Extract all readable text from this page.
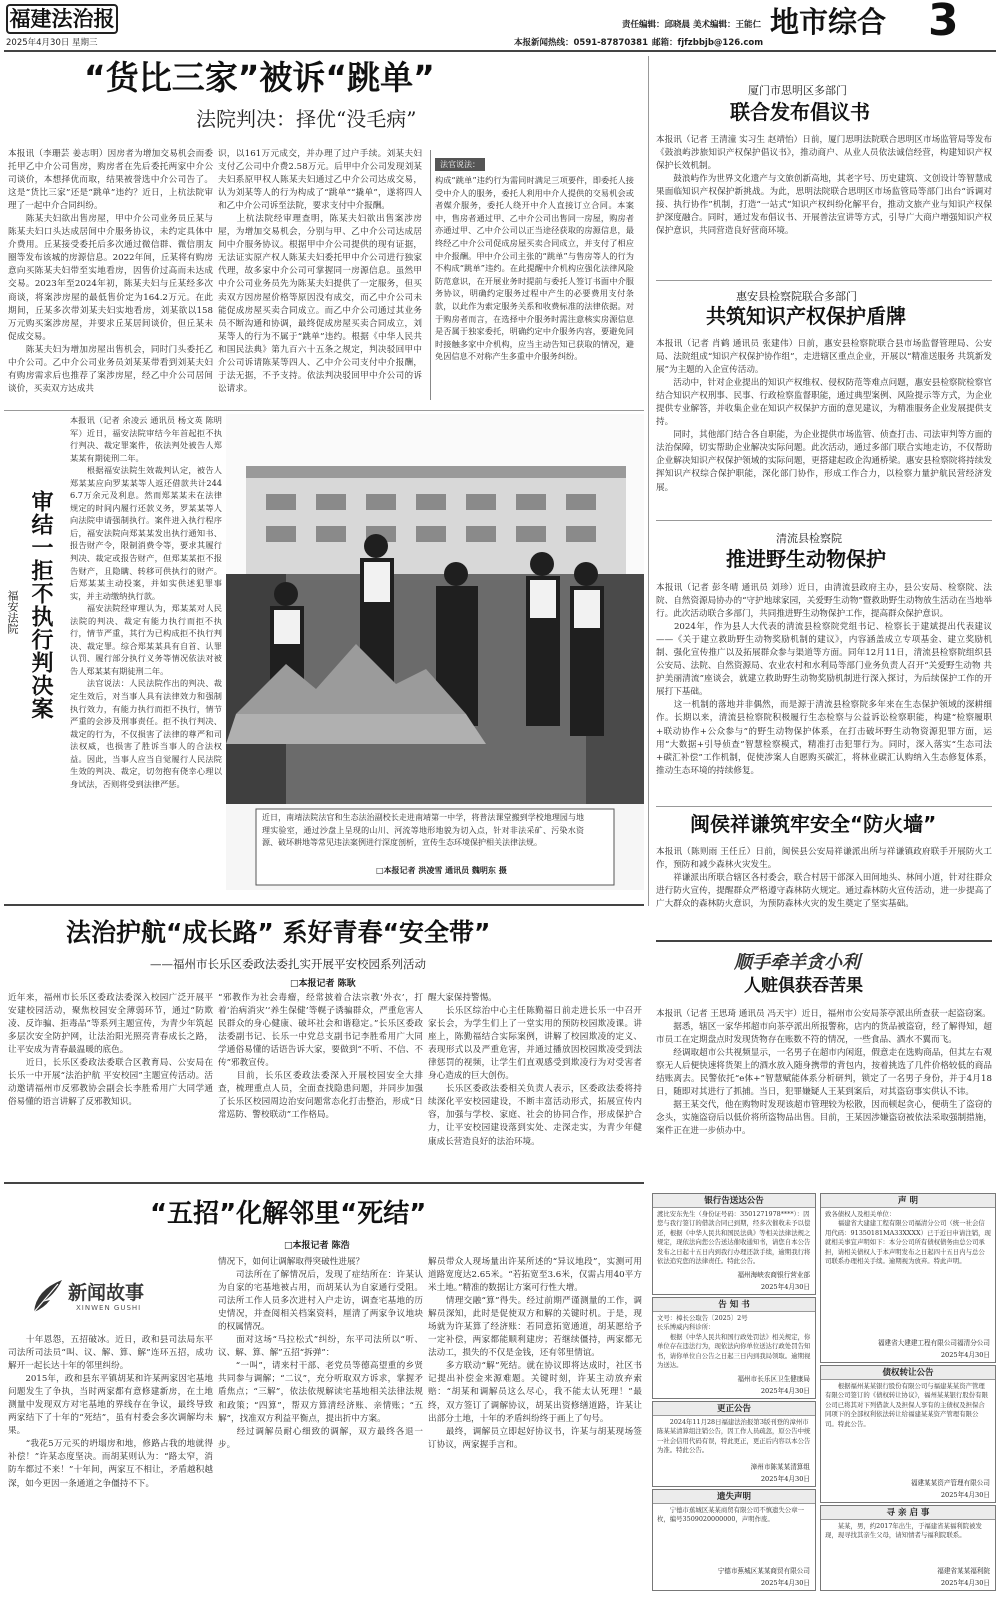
福建法治报
2025年4月30日 星期三
责任编辑：邱晓晨 美术编辑：王能仁
本报新闻热线：0591-87870381 邮箱：fjfzbbjb@126.com
地市综合 3
“货比三家”被诉“跳单”
法院判决：择优“没毛病”
本报讯（李珊芸 姜志明）因房者为增加交易机会而委托甲乙中介公司售房，购房者在先后委托两家中介公司谈价，本想择优而取，结果被誉选中介公司告了。这是“货比三家”还是“跳单”违约？近日，上杭法院审理了一起中介合同纠纷。
　　陈某夫妇欲出售房屋，甲中介公司业务员丘某与陈某夫妇口头达成居间中介服务协议，未约定具体中介费用。丘某接受委托后多次通过微信群、微信朋友圈等发布该城的房源信息。2022年间，丘某将有购房意向买陈某夫妇带至实地看房，因售价过高而未达成交易。2023年至2024年初，陈某夫妇与丘某经多次商谈，将案涉房屋的最低售价定为164.2万元。在此期间，丘某多次带刘某夫妇实地看房，刘某欲以158万元购买案涉房屋，并要求丘某居间谈价，但丘某未促成交易。
　　陈某夫妇为增加房屋出售机会，同时门头委托乙中介公司。乙中介公司业务员刘某某带看到刘某夫妇有购房需求后也推荐了案涉房屋，经乙中介公司居间谈价，买卖双方达成共
识，以161万元成交，并办理了过户手续。刘某夫妇支付乙公司中介费2.58万元。后甲中介公司发现刘某夫妇系原甲权人陈某夫妇通过乙中介公司达成交易，认为刘某等人的行为构成了“跳单”“撬单”，遂将四人和乙中介公司诉至法院，要求支付中介报酬。
　　上杭法院经审理查明，陈某夫妇欲出售案涉房屋，为增加交易机会，分别与甲、乙中介公司达成居间中介服务协议。根据甲中介公司提供的现有证据，无法证实原产权人陈某夫妇委托甲中介公司进行独家代理，故多家中介公司可掌握同一房源信息。虽然甲中介公司业务员先为陈某夫妇提供了一定服务，但买卖双方因房屋价格等原因没有成交，而乙中介公司未能促成房屋买卖合同成立。而乙中介公司通过其业务员不断沟通和协调，最终促成房屋买卖合同成立，刘某等人的行为不属于“跳单”违约。根据《中华人民共和国民法典》第九百六十五条之规定，判决驳回甲中介公司诉请陈某等四人、乙中介公司支付中介报酬，于法无据，不予支持。依法判决驳回甲中介公司的诉讼请求。
法官说法：
构成“跳单”违约行为需同时满足三项要件，即委托人接受中介人的服务，委托人利用中介人提供的交易机会或者媒介服务，委托人绕开中介人直接订立合同。本案中，售房者通过甲、乙中介公司出售同一房屋，购房者亦通过甲、乙中介公司以正当途径获取的房源信息，最终经乙中介公司促成房屋买卖合同成立，并支付了相应中介报酬。甲中介公司主张的“跳单”与售房等人的行为不构成“跳单”违约。在此提醒中介机构应强化法律风险防范意识，在开展业务时提前与委托人签订书面中介服务协议，明确约定服务过程中产生的必要费用支付条款，以此作为索定服务关系和收费标准的法律依据。对于购房者而言，在选择中介服务时需注意核实房源信息是否属于独家委托，明确约定中介服务内容，要避免同时接触多家中介机构，应当主动告知已获取的情况，避免因信息不对称产生多重中介服务纠纷。
审结一拒不执行判决案
福安法院
本报讯（记者 余凌云 通讯员 杨文英 陈明军）近日，福安法院审结今年首起拒不执行判决、裁定罪案件，依法判处被告人郑某某有期徒刑二年。
　　根据福安法院生效裁判认定，被告人郑某某应向罗某某等人返还借款共计2446.7万余元及利息。然而郑某某未在法律规定的时间内履行还款义务，罗某某等人向法院申请强制执行。案件进入执行程序后，福安法院向郑某某发出执行通知书、报告财产令，限制消费令等，要求其履行判决、裁定或报告财产，但郑某某拒不报告财产，且隐瞒、转移可供执行的财产。后郑某某主动投案，并如实供述犯罪事实，并主动缴纳执行款。
　　福安法院经审理认为，郑某某对人民法院的判决、裁定有能力执行而拒不执行，情节严重，其行为已构成拒不执行判决、裁定罪。综合郑某某具有自首、认罪认罚、履行部分执行义务等情况依法对被告人郑某某有期徒刑二年。
　　法官说法：人民法院作出的判决、裁定生效后，对当事人具有法律效力和强制执行效力，有能力执行而拒不执行，情节严重的会涉及刑事责任。拒不执行判决、裁定的行为，不仅损害了法律的尊严和司法权威，也损害了胜诉当事人的合法权益。因此，当事人应当自觉履行人民法院生效的判决、裁定，切勿抱有侥幸心理以身试法，否则将受到法律严惩。
近日，南靖法院法官和生态法治副校长走进南靖第一中学，将普法课堂搬到学校地理园与地理实验室，通过沙盘上呈现的山川、河流等地形地貌为切入点，针对非法采矿、污染水资源、破坏耕地等常见违法案例进行深度剖析，宣传生态环境保护相关法律法规。
□本报记者 洪凌雪 通讯员 魏明东 摄
厦门市思明区多部门
联合发布倡议书
本报讯（记者 王清潼 实习生 赵靖怡）日前，厦门思明法院联合思明区市场监管局等发布《鼓浪屿涉旅知识产权保护倡议书》，推动商户、从业人员依法诚信经营，构建知识产权保护长效机制。
　　鼓浪屿作为世界文化遗产与文旅创新高地，其老字号、历史建筑、文创设计等智慧成果面临知识产权保护新挑战。为此，思明法院联合思明区市场监管局等部门出台“诉调对接、执行协作”机制，打造“一站式”知识产权纠纷化解平台，推动文旅产业与知识产权保护深度融合。同时，通过发布倡议书、开展普法宣讲等方式，引导广大商户增强知识产权保护意识，共同营造良好营商环境。
惠安县检察院联合多部门
共筑知识产权保护盾牌
本报讯（记者 肖鹤 通讯员 张建伟）日前，惠安县检察院联合县市场监督管理局、公安局、法院组成“知识产权保护协作组”，走进辖区重点企业，开展以“精准送服务 共筑新发展”为主题的入企宣传活动。
　　活动中，针对企业提出的知识产权维权、侵权防范等难点问题，惠安县检察院检察官结合知识产权刑事、民事、行政检察监督职能，通过典型案例、风险提示等方式，为企业提供专业解答，并收集企业在知识产权保护方面的意见建议，为精准服务企业发展提供支持。
　　同时，其他部门结合各自职能，为企业提供市场监管、侦查打击、司法审判等方面的法治保障，切实帮助企业解决实际问题。此次活动，通过多部门联合实地走访，不仅帮助企业解决知识产权保护领域的实际问题，更搭建起政企沟通桥梁。惠安县检察院将持续发挥知识产权综合保护职能，深化部门协作，形成工作合力，以检察力量护航民营经济发展。
清流县检察院
推进野生动物保护
本报讯（记者 彭冬晴 通讯员 刘珍）近日，由清流县政府主办，县公安局、检察院、法院、自然资源局协办的“守护地球家园，关爱野生动物”暨救助野生动物放生活动在当地举行。此次活动联合多部门，共同推进野生动物保护工作，提高群众保护意识。
　　2024年，作为县人大代表的清流县检察院党组书记、检察长于建斌提出代表建议——《关于建立救助野生动物奖励机制的建议》，内容涵盖成立专项基金、建立奖励机制、强化宣传推广以及拓展群众参与渠道等方面。同年12月11日，清流县检察院组织县公安局、法院、自然资源局、农业农村和水利局等部门业务负责人召开“关爱野生动物 共护美丽清流”座谈会，就建立救助野生动物奖励机制进行深入探讨，为后续保护工作的开展打下基础。
　　这一机制的落地并非偶然，而是源于清流县检察院多年来在生态保护领域的深耕细作。长期以来，清流县检察院积极履行生态检察与公益诉讼检察职能，构建“检察履职+联动协作+公众参与”的野生动物保护体系，在打击破坏野生动物资源犯罪方面，运用“大数据+引导侦查”智慧检察模式，精准打击犯罪行为。同时，深入落实“生态司法+碳汇补偿”工作机制，促使涉案人自愿购买碳汇，将林业碳汇认购纳入生态修复体系，推动生态环境的持续修复。
闽侯祥谦筑牢安全“防火墙”
本报讯（陈则雨 王任丘）日前，闽侯县公安局祥谦派出所与祥谦镇政府联手开展防火工作，预防和减少森林火灾发生。
　　祥谦派出所联合辖区各村委会，联合村居干部深入田间地头、林间小道，针对往群众进行防火宣传，提醒群众严格遵守森林防火规定。通过森林防火宣传活动，进一步提高了广大群众的森林防火意识，为预防森林火灾的发生奠定了坚实基础。
法治护航“成长路” 系好青春“安全带”
——福州市长乐区委政法委扎实开展平安校园系列活动
□本报记者 陈耿
近年来，福州市长乐区委政法委深入校园广泛开展平安建校园活动，聚焦校园安全薄弱环节，通过“防欺凌、反诈骗、拒毒品”等系列主题宣传，为青少年筑起多层次安全防护网，让法治阳光照亮青春成长之路，让平安成为青春最温暖的底色。
　　近日，长乐区委政法委联合区教育局、公安局在长乐一中开展“法治护航 平安校园”主题宣传活动。活动邀请福州市反邪教协会副会长李胜希用广大同学通俗易懂的语言讲解了反邪教知识。
“邪教作为社会毒瘤，经常披着合法宗教‘外衣’，打着‘治病消灾’‘养生保健’等幌子诱骗群众，严重危害人民群众的身心健康、破坏社会和谐稳定。”长乐区委政法委副书记、长乐一中党总支副书记李胜希用广大同学通俗易懂的话语告诉大家，要做到“不听、不信、不传”邪教宣传。
　　目前，长乐区委政法委深入开展校园安全大排查，梳理重点人员，全面查找隐患问题，并同步加强了长乐区校园周边治安问题常态化打击整治，形成“日常巡防、警校联动”工作格局。
醒大家保持警惕。
　　长乐区综治中心主任陈勤福日前走进长乐一中召开家长会，为学生们上了一堂实用的预防校园欺凌课。讲座上，陈勤福结合实际案例，讲解了校园欺凌的定义、表现形式以及严重危害，并通过播放因校园欺凌受到法律惩罚的视频，让学生们直观感受到欺凌行为对受害者身心造成的巨大创伤。
　　长乐区委政法委相关负责人表示，区委政法委将持续深化平安校园建设，不断丰富活动形式，拓展宣传内容，加强与学校、家庭、社会的协同合作，形成保护合力，让平安校园建设落到实处、走深走实，为青少年健康成长营造良好的法治环境。
“五招”化解邻里“死结”
□本报记者 陈浩
新闻故事
XINWEN GUSHI
　　十年恩怨，五招破冰。近日，政和县司法局东平司法所司法员“叫、议、解、算、解”连环五招，成功解开一起长达十年的邻里纠纷。
　　2015年，政和县东平镇胡某和许某两家因宅基地问题发生了争执，当时两家都有意修建新房，在土地测量中发现双方对宅基地的界线存在争议，最终导致两家结下了十年的“死结”，虽有村委会多次调解均未果。
　　“我花5万元买的坍塌房和地，修路占我的地就得补偿！”许某态度坚决。而胡某则认为：“路太窄，消防车都过不来！”十年间，两家互不相让，矛盾越积越深，如今更因一条通道之争僵持不下。
情况下，如何让调解取得突破性进展？
　　司法所在了解情况后，发现了症结所在：许某认为自家的宅基地被占用，而胡某认为自家通行受阻。司法所工作人员多次进村入户走访，调查宅基地的历史情况，并查阅相关档案资料，厘清了两家争议地块的权属情况。
　　面对这场“马拉松式”纠纷，东平司法所以“听、议、解、算、解”五招“拆弹”：
　　“一叫”，请来村干部、老党员等德高望重的乡贤共同参与调解；“二议”，充分听取双方诉求，掌握矛盾焦点；“三解”，依法依规解读宅基地相关法律法规和政策；“四算”，帮双方算清经济账、亲情账；“五解”，找准双方利益平衡点，提出折中方案。
　　经过调解员耐心细致的调解，双方最终各退一步。
解员带众人现场量出许某所述的“异议地段”，实测可用道路宽度达2.65米。“若拓宽至3.6米，仅需占用40平方米土地。”精准的数据让方案可行性大增。
　　情理交融“算”得失。经过前期严谨测量的工作，调解员深知，此时是促使双方和解的关键时机。于是，现场就为许某算了经济账：若同意拓宽通道，胡某愿给予一定补偿，两家都能顺利建房；若继续僵持，两家都无法动工，损失的不仅是金钱，还有邻里情谊。
　　多方联动“解”死结。就在协议即将达成时，社区书记提出补偿金来源难题。关键时刻，许某主动放弃索赔：“胡某和调解员这么尽心，我不能太认死理！”最终，双方签订了调解协议，胡某出资修缮道路，许某让出部分土地，十年的矛盾纠纷终于画上了句号。
　　最终，调解员立即起好协议书，许某与胡某现场签订协议，两家握手言和。
顺手牵羊贪小利
人赃俱获吞苦果
本报讯（记者 王思琦 通讯员 冯天宇）近日，福州市公安局茶亭派出所查获一起盗窃案。
　　据悉，辖区一家华邦超市向茶亭派出所报警称，店内的货品被盗窃，经了解得知，超市员工在定期盘点时发现货物存在账数不符的情况，一些食品、酒水不翼而飞。
　　经调取超市公共视频显示，一名男子在超市内闲逛，假意走在选购商品，但其左右观察无人后便快速将货架上的酒水放入随身携带的背包内，按着挑选了几件价格较低的商品结账离去。民警依托“e体+”智慧赋能体系分析研判，锁定了一名男子身份，并于4月18日，随即对其进行了抓捕。当日，犯罪嫌疑人王某到案后，对其盗窃事实供认不讳。
　　据王某交代，他在购物时发现该超市管理较为松散，因而顿起贪心，便萌生了盗窃的念头，实施盗窃后以低价将所盗物品出售。目前，王某因涉嫌盗窃被依法采取强制措施，案件正在进一步侦办中。
银行告送达公告
渡比安东先生（身份证号码：3501271978****）：因您与我行签订的借款合同已到期，经多次催收未予以偿还，根据《中华人民共和国民法典》等相关法律法规之规定，现依法向您公告送达催收通知书，请您自本公告发布之日起十五日内到我行办理还款手续，逾期我行将依法追究您的法律责任。特此公告。
福州海峡农商银行营业部
2025年4月30日
告 知 书
文号：樟长公取告〔2025〕2号
长乐博威内科诊所：
　　根据《中华人民共和国行政处罚法》相关规定，你单位存在违法行为，现依法向你单位送达行政处罚告知书，请你单位自公告之日起三日内到我局领取。逾期视为送达。
福州市长乐区卫生健康局
2025年4月30日
更正公告
　　2024年11月28日福建法治报第3版刊登的漳州市陈某某清算组注销公告，因工作人员疏忽，原公告中统一社会信用代码有误，特此更正，更正后内容以本公告为准。特此公告。
漳州市陈某某清算组
2025年4月30日
遗失声明
　　宁德市蕉城区某某商贸有限公司不慎遗失公章一枚，编号3509020000000，声明作废。
宁德市蕉城区某某商贸有限公司
2025年4月30日
声 明
致各债权人及相关单位：
　　福建省大建建工程有限公司福清分公司（统一社会信用代码：91350181MA33XXXX）已于近日申请注销，现就相关事宜声明如下：本分公司所有债权债务由总公司承担，请相关债权人于本声明发布之日起四十五日内与总公司联系办理相关手续。逾期视为放弃。特此声明。
福建省大建建工程有限公司福清分公司
2025年4月30日
债权转让公告
　　根据福州某某银行股份有限公司与福建某某资产管理有限公司签订的《债权转让协议》，福州某某银行股份有限公司已将其对下列借款人及担保人享有的主债权及担保合同项下的全部权利依法转让给福建某某资产管理有限公司。特此公告。
福建某某资产管理有限公司
2025年4月30日
寻 亲 启 事
　　某某，男，约2017年出生，于福建省某福利院被发现，现寻找其亲生父母，请知情者与福利院联系。
福建省某某福利院
2025年4月30日
